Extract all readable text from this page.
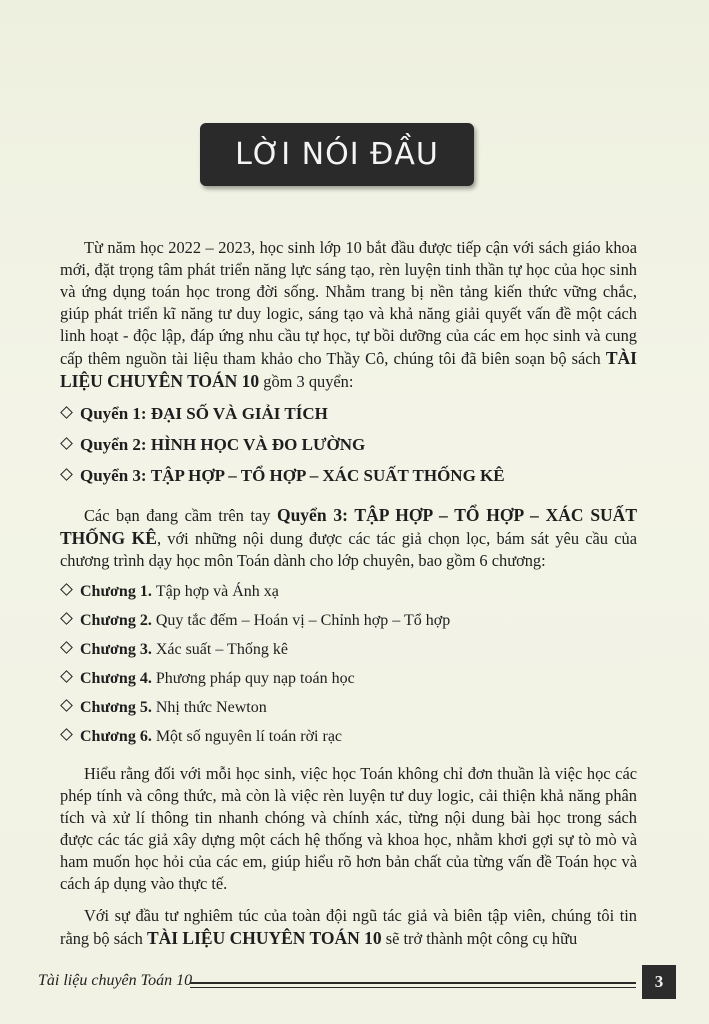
LỜI NÓI ĐẦU

Từ năm học 2022 – 2023, học sinh lớp 10 bắt đầu được tiếp cận với sách giáo khoa mới, đặt trọng tâm phát triển năng lực sáng tạo, rèn luyện tinh thần tự học của học sinh và ứng dụng toán học trong đời sống. Nhằm trang bị nền tảng kiến thức vững chắc, giúp phát triển kĩ năng tư duy logic, sáng tạo và khả năng giải quyết vấn đề một cách linh hoạt - độc lập, đáp ứng nhu cầu tự học, tự bồi dưỡng của các em học sinh và cung cấp thêm nguồn tài liệu tham khảo cho Thầy Cô, chúng tôi đã biên soạn bộ sách TÀI LIỆU CHUYÊN TOÁN 10 gồm 3 quyển:

Quyển 1:
ĐẠI SỐ VÀ GIẢI TÍCH
Quyển 2:
HÌNH HỌC VÀ ĐO LƯỜNG
Quyển 3:
TẬP HỢP – TỔ HỢP – XÁC SUẤT THỐNG KÊ

Các bạn đang cầm trên tay Quyển 3: TẬP HỢP – TỔ HỢP – XÁC SUẤT THỐNG KÊ, với những nội dung được các tác giả chọn lọc, bám sát yêu cầu của chương trình dạy học môn Toán dành cho lớp chuyên, bao gồm 6 chương:

Chương 1.
Tập hợp và Ánh xạ
Chương 2.
Quy tắc đếm – Hoán vị – Chỉnh hợp – Tổ hợp
Chương 3.
Xác suất – Thống kê
Chương 4.
Phương pháp quy nạp toán học
Chương 5.
Nhị thức Newton
Chương 6.
Một số nguyên lí toán rời rạc

Hiểu rằng đối với mỗi học sinh, việc học Toán không chỉ đơn thuần là việc học các phép tính và công thức, mà còn là việc rèn luyện tư duy logic, cải thiện khả năng phân tích và xử lí thông tin nhanh chóng và chính xác, từng nội dung bài học trong sách được các tác giả xây dựng một cách hệ thống và khoa học, nhằm khơi gợi sự tò mò và ham muốn học hỏi của các em, giúp hiểu rõ hơn bản chất của từng vấn đề Toán học và cách áp dụng vào thực tế.

Với sự đầu tư nghiêm túc của toàn đội ngũ tác giả và biên tập viên, chúng tôi tin rằng bộ sách TÀI LIỆU CHUYÊN TOÁN 10 sẽ trở thành một công cụ hữu

Tài liệu chuyên Toán 10	3
